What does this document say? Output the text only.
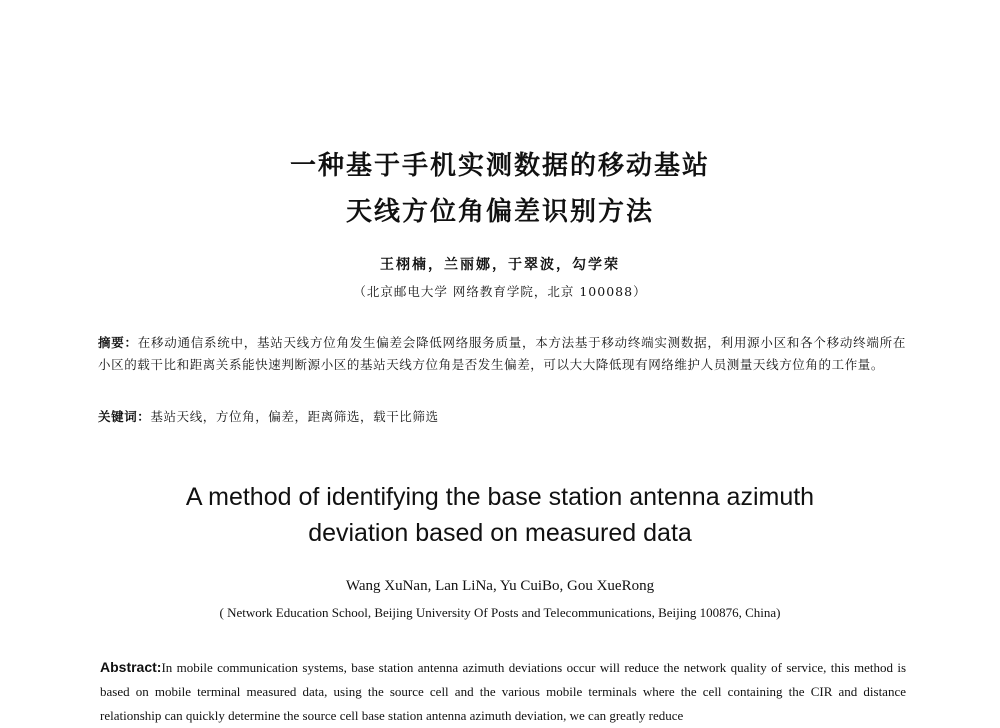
一种基于手机实测数据的移动基站
天线方位角偏差识别方法
王栩楠，兰丽娜，于翠波，勾学荣
（北京邮电大学 网络教育学院，北京 100088）
摘要：在移动通信系统中，基站天线方位角发生偏差会降低网络服务质量，本方法基于移动终端实测数据，利用源小区和各个移动终端所在小区的载干比和距离关系能快速判断源小区的基站天线方位角是否发生偏差，可以大大降低现有网络维护人员测量天线方位角的工作量。
关键词：基站天线，方位角，偏差，距离筛选，载干比筛选
A method of identifying the base station antenna azimuth
deviation based on measured data
Wang XuNan, Lan LiNa, Yu CuiBo, Gou XueRong
( Network Education School, Beijing University Of Posts and Telecommunications, Beijing 100876, China)
Abstract:In mobile communication systems, base station antenna azimuth deviations occur will reduce the network quality of service, this method is based on mobile terminal measured data, using the source cell and the various mobile terminals where the cell containing the CIR and distance relationship can quickly determine the source cell base station antenna azimuth deviation, we can greatly reduce
